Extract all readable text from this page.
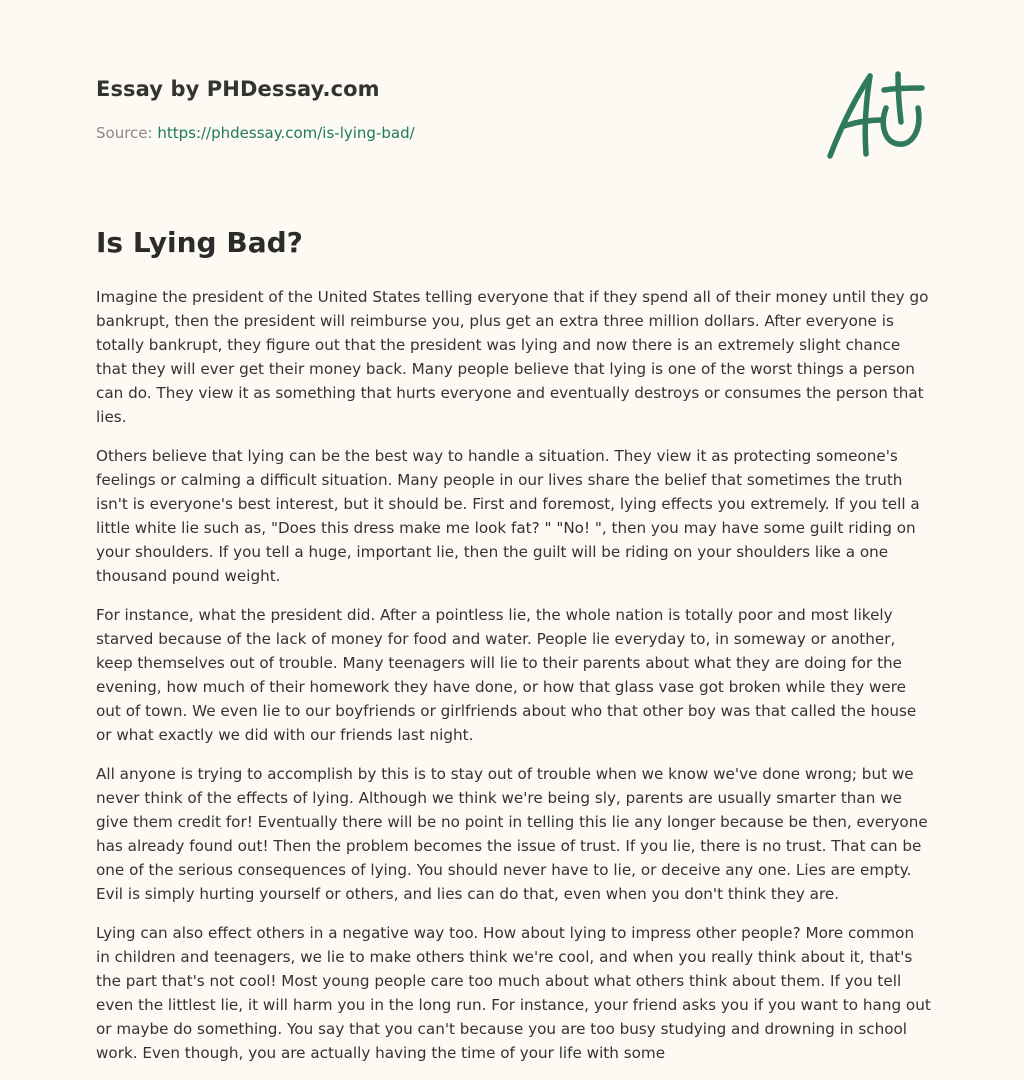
Essay by PHDessay.com
Source: https://phdessay.com/is-lying-bad/
Is Lying Bad?

Imagine the president of the United States telling everyone that if they spend all of their money until they go bankrupt, then the president will reimburse you, plus get an extra three million dollars. After everyone is totally bankrupt, they figure out that the president was lying and now there is an extremely slight chance that they will ever get their money back. Many people believe that lying is one of the worst things a person can do. They view it as something that hurts everyone and eventually destroys or consumes the person that lies.

Others believe that lying can be the best way to handle a situation. They view it as protecting someone's feelings or calming a difficult situation. Many people in our lives share the belief that sometimes the truth isn't is everyone's best interest, but it should be. First and foremost, lying effects you extremely. If you tell a little white lie such as, "Does this dress make me look fat? " "No! ", then you may have some guilt riding on your shoulders. If you tell a huge, important lie, then the guilt will be riding on your shoulders like a one thousand pound weight.

For instance, what the president did. After a pointless lie, the whole nation is totally poor and most likely starved because of the lack of money for food and water. People lie everyday to, in someway or another, keep themselves out of trouble. Many teenagers will lie to their parents about what they are doing for the evening, how much of their homework they have done, or how that glass vase got broken while they were out of town. We even lie to our boyfriends or girlfriends about who that other boy was that called the house or what exactly we did with our friends last night.

All anyone is trying to accomplish by this is to stay out of trouble when we know we've done wrong; but we never think of the effects of lying. Although we think we're being sly, parents are usually smarter than we give them credit for! Eventually there will be no point in telling this lie any longer because be then, everyone has already found out! Then the problem becomes the issue of trust. If you lie, there is no trust. That can be one of the serious consequences of lying. You should never have to lie, or deceive any one. Lies are empty. Evil is simply hurting yourself or others, and lies can do that, even when you don't think they are.

Lying can also effect others in a negative way too. How about lying to impress other people? More common in children and teenagers, we lie to make others think we're cool, and when you really think about it, that's the part that's not cool! Most young people care too much about what others think about them. If you tell even the littlest lie, it will harm you in the long run. For instance, your friend asks you if you want to hang out or maybe do something. You say that you can't because you are too busy studying and drowning in school work. Even though, you are actually having the time of your life with some
